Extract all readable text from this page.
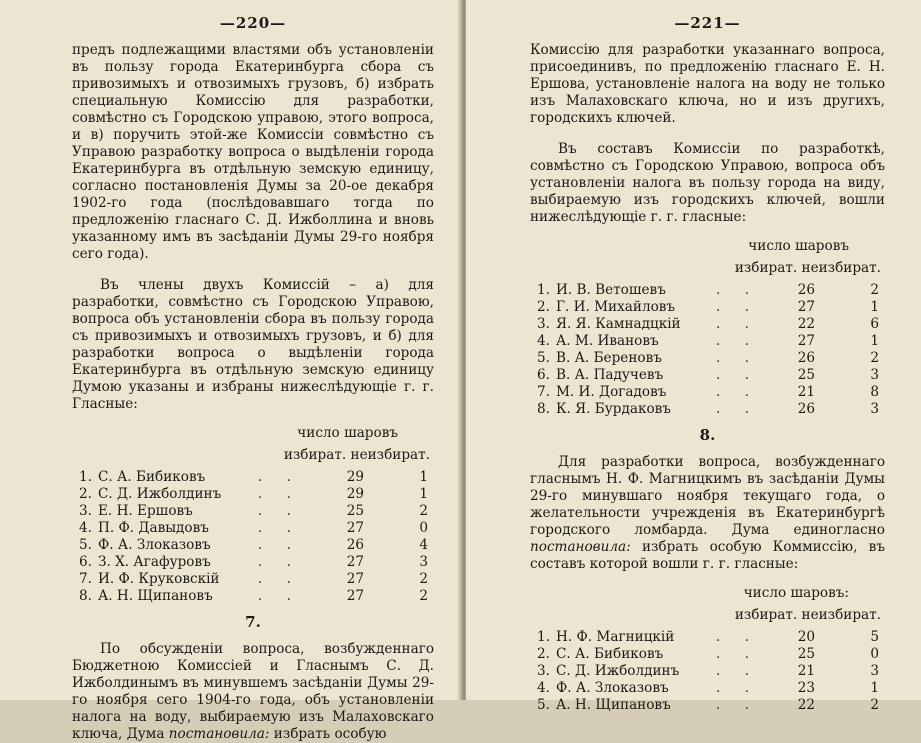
—220—

предъ подлежащими властями объ установленіи въ пользу города Екатеринбурга сбора съ привозимыхъ и отвозимыхъ грузовъ, б) избрать специальную Комиссію для разработки, совмѣстно съ Городскою управою, этого вопроса, и в) поручить этой-же Комиссіи совмѣстно съ Управою разработку вопроса о выдѣленіи города Екатеринбурга въ отдѣльную земскую единицу, согласно постановленія Думы за 20-ое декабря 1902-го года (послѣдовавшаго тогда по предложенію гласнаго С. Д. Ижболлина и вновь указанному имъ въ засѣданіи Думы 29-го ноября сего года).

Въ члены двухъ Комиссій – а) для разработки, совмѣстно съ Городскою Управою, вопроса объ установленіи сбора въ пользу города съ привозимыхъ и отвозимыхъ грузовъ, и б) для разработки вопроса о выдѣленіи города Екатеринбурга въ отдѣльную земскую единицу Думою указаны и избраны нижеслѣдующіе г. г. Гласные:

число шаровъ
избират. неизбират.
1. С. А. Бибиковъ	. .	29	1
2. С. Д. Ижболдинъ	. .	29	1
3. Е. Н. Ершовъ	. .	25	2
4. П. Ф. Давыдовъ	. .	27	0
5. Ф. А. Злоказовъ	. .	26	4
6. З. Х. Агафуровъ	. .	27	3
7. И. Ф. Круковскій	. .	27	2
8. А. Н. Щипановъ	. .	27	2
7.

По обсужденіи вопроса, возбужденнаго Бюджетною Комиссіей и Гласнымъ С. Д. Ижболдинымъ въ минувшемъ засѣданіи Думы 29-го ноября сего 1904-го года, объ установленіи налога на воду, выбираемую изъ Малаховскаго ключа, Дума постановила: избрать особую

—221—

Комиссію для разработки указаннаго вопроса, присоединивъ, по предложенію гласнаго Е. Н. Ершова, установленіе налога на воду не только изъ Малаховскаго ключа, но и изъ другихъ, городскихъ ключей.

Въ составъ Комиссіи по разработкѣ, совмѣстно съ Городскою Управою, вопроса объ установленіи налога въ пользу города на виду, выбираемую изъ городскихъ ключей, вошли нижеслѣдующіе г. г. гласные:

число шаровъ
избират. неизбират.
1. И. В. Ветошевъ	. .	26	2
2. Г. И. Михайловъ	. .	27	1
3. Я. Я. Камнадцкій	. .	22	6
4. А. М. Ивановъ	. .	27	1
5. В. А. Береновъ	. .	26	2
6. В. А. Падучевъ	. .	25	3
7. М. И. Догадовъ	. .	21	8
8. К. Я. Бурдаковъ	. .	26	3
8.

Для разработки вопроса, возбужденнаго гласнымъ Н. Ф. Магницкимъ въ засѣданіи Думы 29-го минувшаго ноября текущаго года, о желательности учрежденія въ Екатеринбургѣ городского ломбарда. Дума единогласно постановила: избрать особую Коммиссію, въ составъ которой вошли г. г. гласные:

число шаровъ:
избират. неизбират.
1. Н. Ф. Магницкій	. .	20	5
2. С. А. Бибиковъ	. .	25	0
3. С. Д. Ижболдинъ	. .	21	3
4. Ф. А. Злоказовъ	. .	23	1
5. А. Н. Щипановъ	. .	22	2
